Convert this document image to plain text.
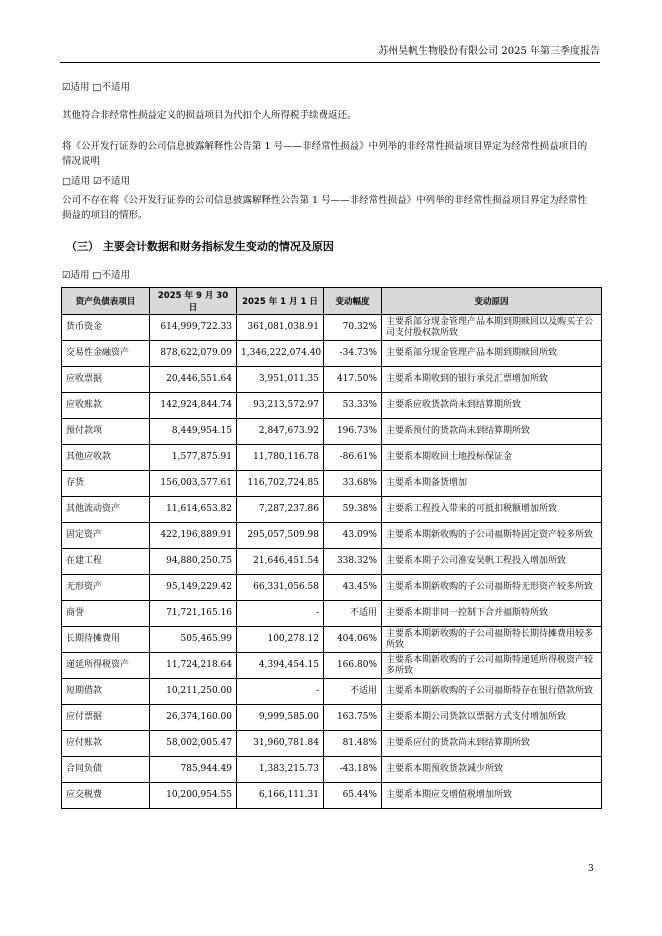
苏州昊帆生物股份有限公司 2025 年第三季度报告
☑适用 □不适用
其他符合非经常性损益定义的损益项目为代扣个人所得税手续费返还。
将《公开发行证券的公司信息披露解释性公告第 1 号——非经常性损益》中列举的非经常性损益项目界定为经常性损益项目的情况说明
□适用 ☑不适用
公司不存在将《公开发行证券的公司信息披露解释性公告第 1 号——非经常性损益》中列举的非经常性损益项目界定为经常性损益的项目的情形。
（三） 主要会计数据和财务指标发生变动的情况及原因
☑适用 □不适用
资产负债表项目	2025 年 9 月 30 日	2025 年 1 月 1 日	变动幅度	变动原因
货币资金	614,999,722.33	361,081,038.91	70.32%	主要系部分现金管理产品本期到期赎回以及购买子公司支付股权款所致
交易性金融资产	878,622,079.09	1,346,222,074.40	-34.73%	主要系部分现金管理产品本期到期赎回所致
应收票据	20,446,551.64	3,951,011.35	417.50%	主要系本期收到的银行承兑汇票增加所致
应收账款	142,924,844.74	93,213,572.97	53.33%	主要系应收货款尚未到结算期所致
预付款项	8,449,954.15	2,847,673.92	196.73%	主要系预付的货款尚未到结算期所致
其他应收款	1,577,875.91	11,780,116.78	-86.61%	主要系本期收回土地投标保证金
存货	156,003,577.61	116,702,724.85	33.68%	主要系本期备货增加
其他流动资产	11,614,653.82	7,287,237.86	59.38%	主要系工程投入带来的可抵扣税额增加所致
固定资产	422,196,889.91	295,057,509.98	43.09%	主要系本期新收购的子公司福斯特固定资产较多所致
在建工程	94,880,250.75	21,646,451.54	338.32%	主要系本期子公司淮安昊帆工程投入增加所致
无形资产	95,149,229.42	66,331,056.58	43.45%	主要系本期新收购的子公司福斯特无形资产较多所致
商誉	71,721,165.16	-	不适用	主要系本期非同一控制下合并福斯特所致
长期待摊费用	505,465.99	100,278.12	404.06%	主要系本期新收购的子公司福斯特长期待摊费用较多所致
递延所得税资产	11,724,218.64	4,394,454.15	166.80%	主要系本期新收购的子公司福斯特递延所得税资产较多所致
短期借款	10,211,250.00	-	不适用	主要系本期新收购的子公司福斯特存在银行借款所致
应付票据	26,374,160.00	9,999,585.00	163.75%	主要系本期公司货款以票据方式支付增加所致
应付账款	58,002,005.47	31,960,781.84	81.48%	主要系应付的货款尚未到结算期所致
合同负债	785,944.49	1,383,215.73	-43.18%	主要系本期预收货款减少所致
应交税费	10,200,954.55	6,166,111.31	65.44%	主要系本期应交增值税增加所致
3
